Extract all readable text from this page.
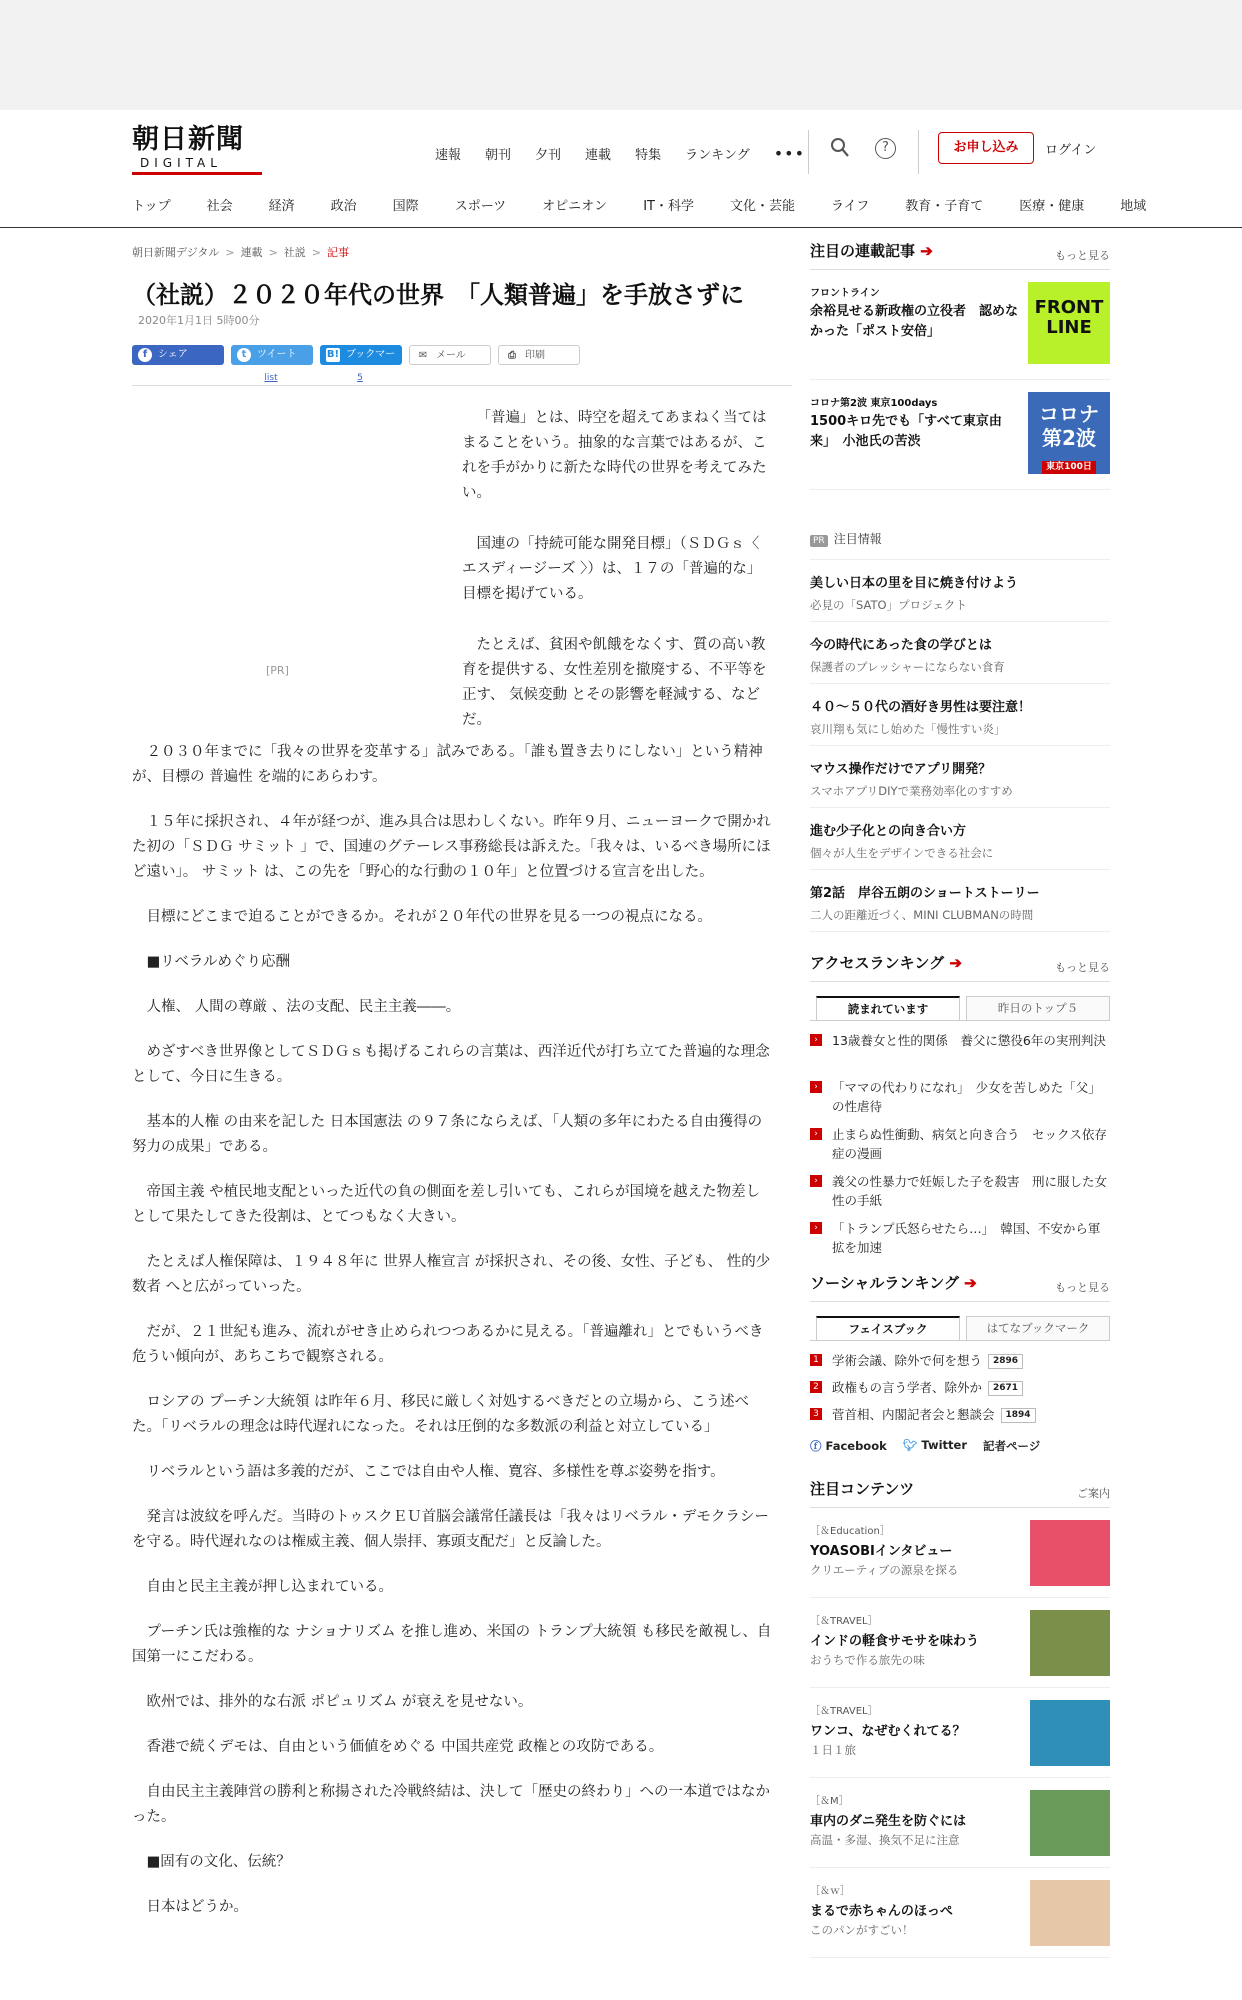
朝日新聞
DIGITAL
速報 朝刊 夕刊 連載 特集 ランキング •••	?	お申し込み	ログイン
トップ	社会	経済	政治	国際	スポーツ	オピニオン	IT・科学	文化・芸能	ライフ	教育・子育て	医療・健康	地域
朝日新聞デジタル > 連載 > 社説 > 記事
（社説）２０２０年代の世界　「人類普遍」を手放さずに
2020年1月1日 5時00分
f	シェア	t	ツイート
list
B! ブックマーク 5
✉ メール	⎙ 印刷
[PR]

「普遍」とは、時空を超えてあまねく当てはまることをいう。抽象的な言葉ではあるが、これを手がかりに新たな時代の世界を考えてみたい。

国連の「持続可能な開発目標」（ＳＤＧｓ〈 エスディージーズ 〉）は、１７の「普遍的な」目標を掲げている。

たとえば、貧困や飢餓をなくす、質の高い教育を提供する、女性差別を撤廃する、不平等を正す、 気候変動 とその影響を軽減する、などだ。

２０３０年までに「我々の世界を変革する」試みである。「誰も置き去りにしない」という精神が、目標の 普遍性 を端的にあらわす。

１５年に採択され、４年が経つが、進み具合は思わしくない。昨年９月、ニューヨークで開かれた初の「ＳＤＧ サミット 」で、国連のグテーレス事務総長は訴えた。「我々は、いるべき場所にほど遠い」。 サミット は、この先を「野心的な行動の１０年」と位置づける宣言を出した。

目標にどこまで迫ることができるか。それが２０年代の世界を見る一つの視点になる。

■リベラルめぐり応酬

人権、 人間の尊厳 、法の支配、民主主義――。

めざすべき世界像としてＳＤＧｓも掲げるこれらの言葉は、西洋近代が打ち立てた普遍的な理念として、今日に生きる。

基本的人権 の由来を記した 日本国憲法 の９７条にならえば、「人類の多年にわたる自由獲得の努力の成果」である。

帝国主義 や植民地支配といった近代の負の側面を差し引いても、これらが国境を越えた物差しとして果たしてきた役割は、とてつもなく大きい。

たとえば人権保障は、１９４８年に 世界人権宣言 が採択され、その後、女性、子ども、 性的少数者 へと広がっていった。

だが、２１世紀も進み、流れがせき止められつつあるかに見える。「普遍離れ」とでもいうべき危うい傾向が、あちこちで観察される。

ロシアの プーチン大統領 は昨年６月、移民に厳しく対処するべきだとの立場から、こう述べた。「リベラルの理念は時代遅れになった。それは圧倒的な多数派の利益と対立している」

リベラルという語は多義的だが、ここでは自由や人権、寛容、多様性を尊ぶ姿勢を指す。

発言は波紋を呼んだ。当時のトゥスクＥＵ首脳会議常任議長は「我々はリベラル・デモクラシーを守る。時代遅れなのは権威主義、個人崇拝、寡頭支配だ」と反論した。

自由と民主主義が押し込まれている。

プーチン氏は強権的な ナショナリズム を推し進め、米国の トランプ大統領 も移民を敵視し、自国第一にこだわる。

欧州では、排外的な右派 ポピュリズム が衰えを見せない。

香港で続くデモは、自由という価値をめぐる 中国共産党 政権との攻防である。

自由民主主義陣営の勝利と称揚された冷戦終結は、決して「歴史の終わり」への一本道ではなかった。

■固有の文化、伝統？

日本はどうか。

注目の連載記事 ➔	もっと見る
フロントライン
余裕見せる新政権の立役者　認めなかった「ポスト安倍」
FRONT LINE
コロナ第2波 東京100days
1500キロ先でも「すべて東京由来」　小池氏の苦渋
コロナ 第2波
東京100日
PR 注目情報
美しい日本の里を目に焼き付けよう
必見の「SATO」プロジェクト
今の時代にあった食の学びとは
保護者のプレッシャーにならない食育
４０～５０代の酒好き男性は要注意！
哀川翔も気にし始めた「慢性すい炎」
マウス操作だけでアプリ開発？
スマホアプリDIYで業務効率化のすすめ
進む少子化との向き合い方
個々が人生をデザインできる社会に
第2話　岸谷五朗のショートストーリー
二人の距離近づく、MINI CLUBMANの時間
アクセスランキング ➔	もっと見る
読まれています	昨日のトップ５
›	13歳養女と性的関係　養父に懲役6年の実刑判決
›	「ママの代わりになれ」　少女を苦しめた「父」の性虐待
›	止まらぬ性衝動、病気と向き合う　セックス依存症の漫画
›	義父の性暴力で妊娠した子を殺害　刑に服した女性の手紙
›	「トランプ氏怒らせたら…」　韓国、不安から軍拡を加速
ソーシャルランキング ➔	もっと見る
フェイスブック	はてなブックマーク
1 学術会議、除外で何を想う 2896
2 政権もの言う学者、除外か 2671
3 菅首相、内閣記者会と懇談会 1894
ⓕ Facebook 🐦︎ Twitter 記者ページ
注目コンテンツ	ご案内
［＆Education］
YOASOBIインタビュー
クリエーティブの源泉を探る
［＆TRAVEL］
インドの軽食サモサを味わう
おうちで作る旅先の味
［＆TRAVEL］
ワンコ、なぜむくれてる？
１日１旅
［＆M］
車内のダニ発生を防ぐには
高温・多湿、換気不足に注意
［＆ｗ］
まるで赤ちゃんのほっぺ
このパンがすごい！
